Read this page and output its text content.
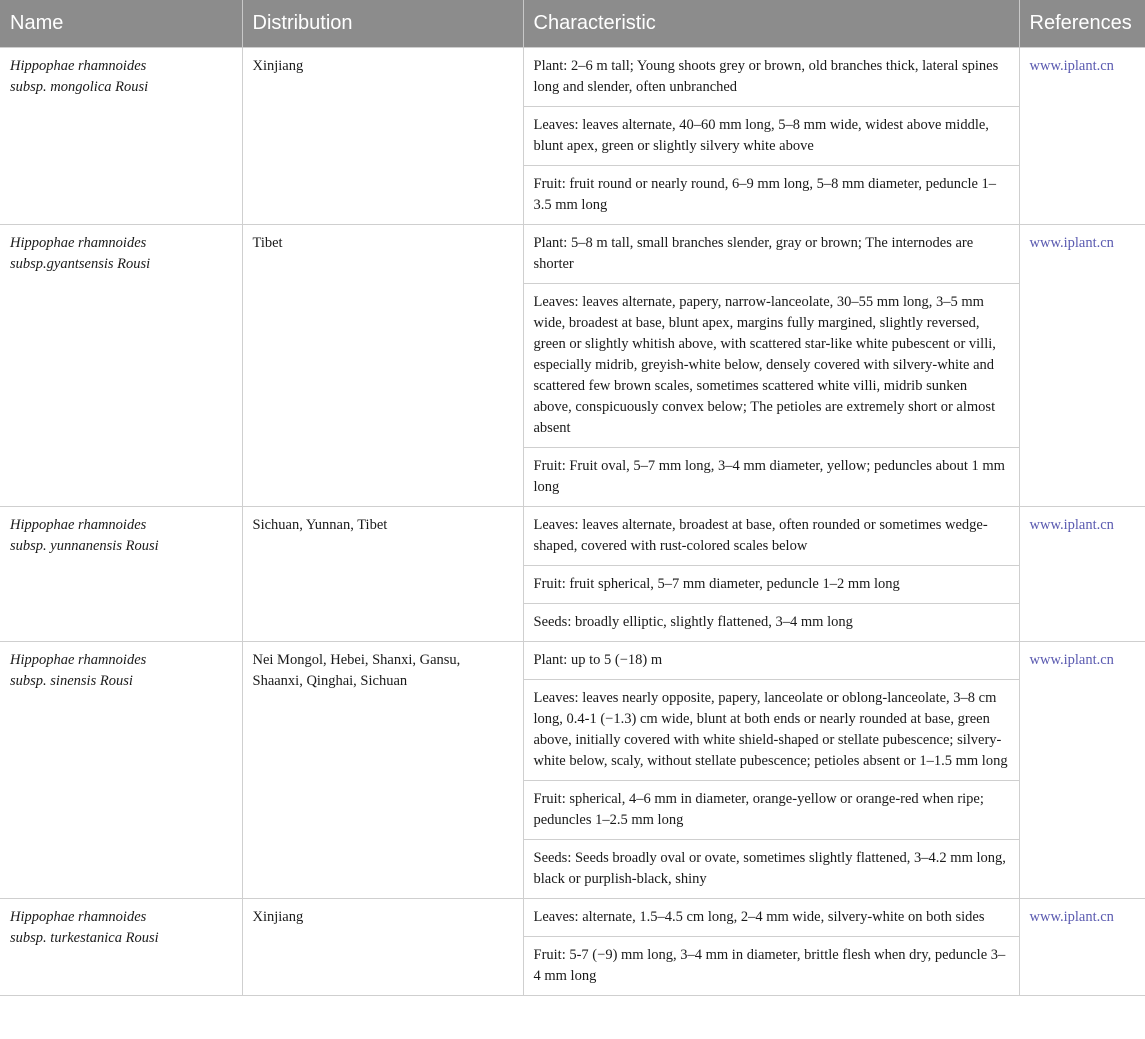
Name	Distribution	Characteristic	References
Hippophae rhamnoides
subsp. mongolica Rousi	Xinjiang	Plant: 2–6 m tall; Young shoots grey or brown, old branches thick, lateral spines long and slender, often unbranched	www.iplant.cn
		Leaves: leaves alternate, 40–60 mm long, 5–8 mm wide, widest above middle, blunt apex, green or slightly silvery white above	
		Fruit: fruit round or nearly round, 6–9 mm long, 5–8 mm diameter, peduncle 1–3.5 mm long	
Hippophae rhamnoides
subsp.gyantsensis Rousi	Tibet	Plant: 5–8 m tall, small branches slender, gray or brown; The internodes are shorter	www.iplant.cn
		Leaves: leaves alternate, papery, narrow-lanceolate, 30–55 mm long, 3–5 mm wide, broadest at base, blunt apex, margins fully margined, slightly reversed, green or slightly whitish above, with scattered star-like white pubescent or villi, especially midrib, greyish-white below, densely covered with silvery-white and scattered few brown scales, sometimes scattered white villi, midrib sunken above, conspicuously convex below; The petioles are extremely short or almost absent	
		Fruit: Fruit oval, 5–7 mm long, 3–4 mm diameter, yellow; peduncles about 1 mm long	
Hippophae rhamnoides
subsp. yunnanensis Rousi	Sichuan, Yunnan, Tibet	Leaves: leaves alternate, broadest at base, often rounded or sometimes wedge-shaped, covered with rust-colored scales below	www.iplant.cn
		Fruit: fruit spherical, 5–7 mm diameter, peduncle 1–2 mm long	
		Seeds: broadly elliptic, slightly flattened, 3–4 mm long	
Hippophae rhamnoides
subsp. sinensis Rousi	Nei Mongol, Hebei, Shanxi, Gansu, Shaanxi, Qinghai, Sichuan	Plant: up to 5 (−18) m	www.iplant.cn
		Leaves: leaves nearly opposite, papery, lanceolate or oblong-lanceolate, 3–8 cm long, 0.4-1 (−1.3) cm wide, blunt at both ends or nearly rounded at base, green above, initially covered with white shield-shaped or stellate pubescence; silvery-white below, scaly, without stellate pubescence; petioles absent or 1–1.5 mm long	
		Fruit: spherical, 4–6 mm in diameter, orange-yellow or orange-red when ripe; peduncles 1–2.5 mm long	
		Seeds: Seeds broadly oval or ovate, sometimes slightly flattened, 3–4.2 mm long, black or purplish-black, shiny	
Hippophae rhamnoides
subsp. turkestanica Rousi	Xinjiang	Leaves: alternate, 1.5–4.5 cm long, 2–4 mm wide, silvery-white on both sides	www.iplant.cn
		Fruit: 5-7 (−9) mm long, 3–4 mm in diameter, brittle flesh when dry, peduncle 3–4 mm long	
